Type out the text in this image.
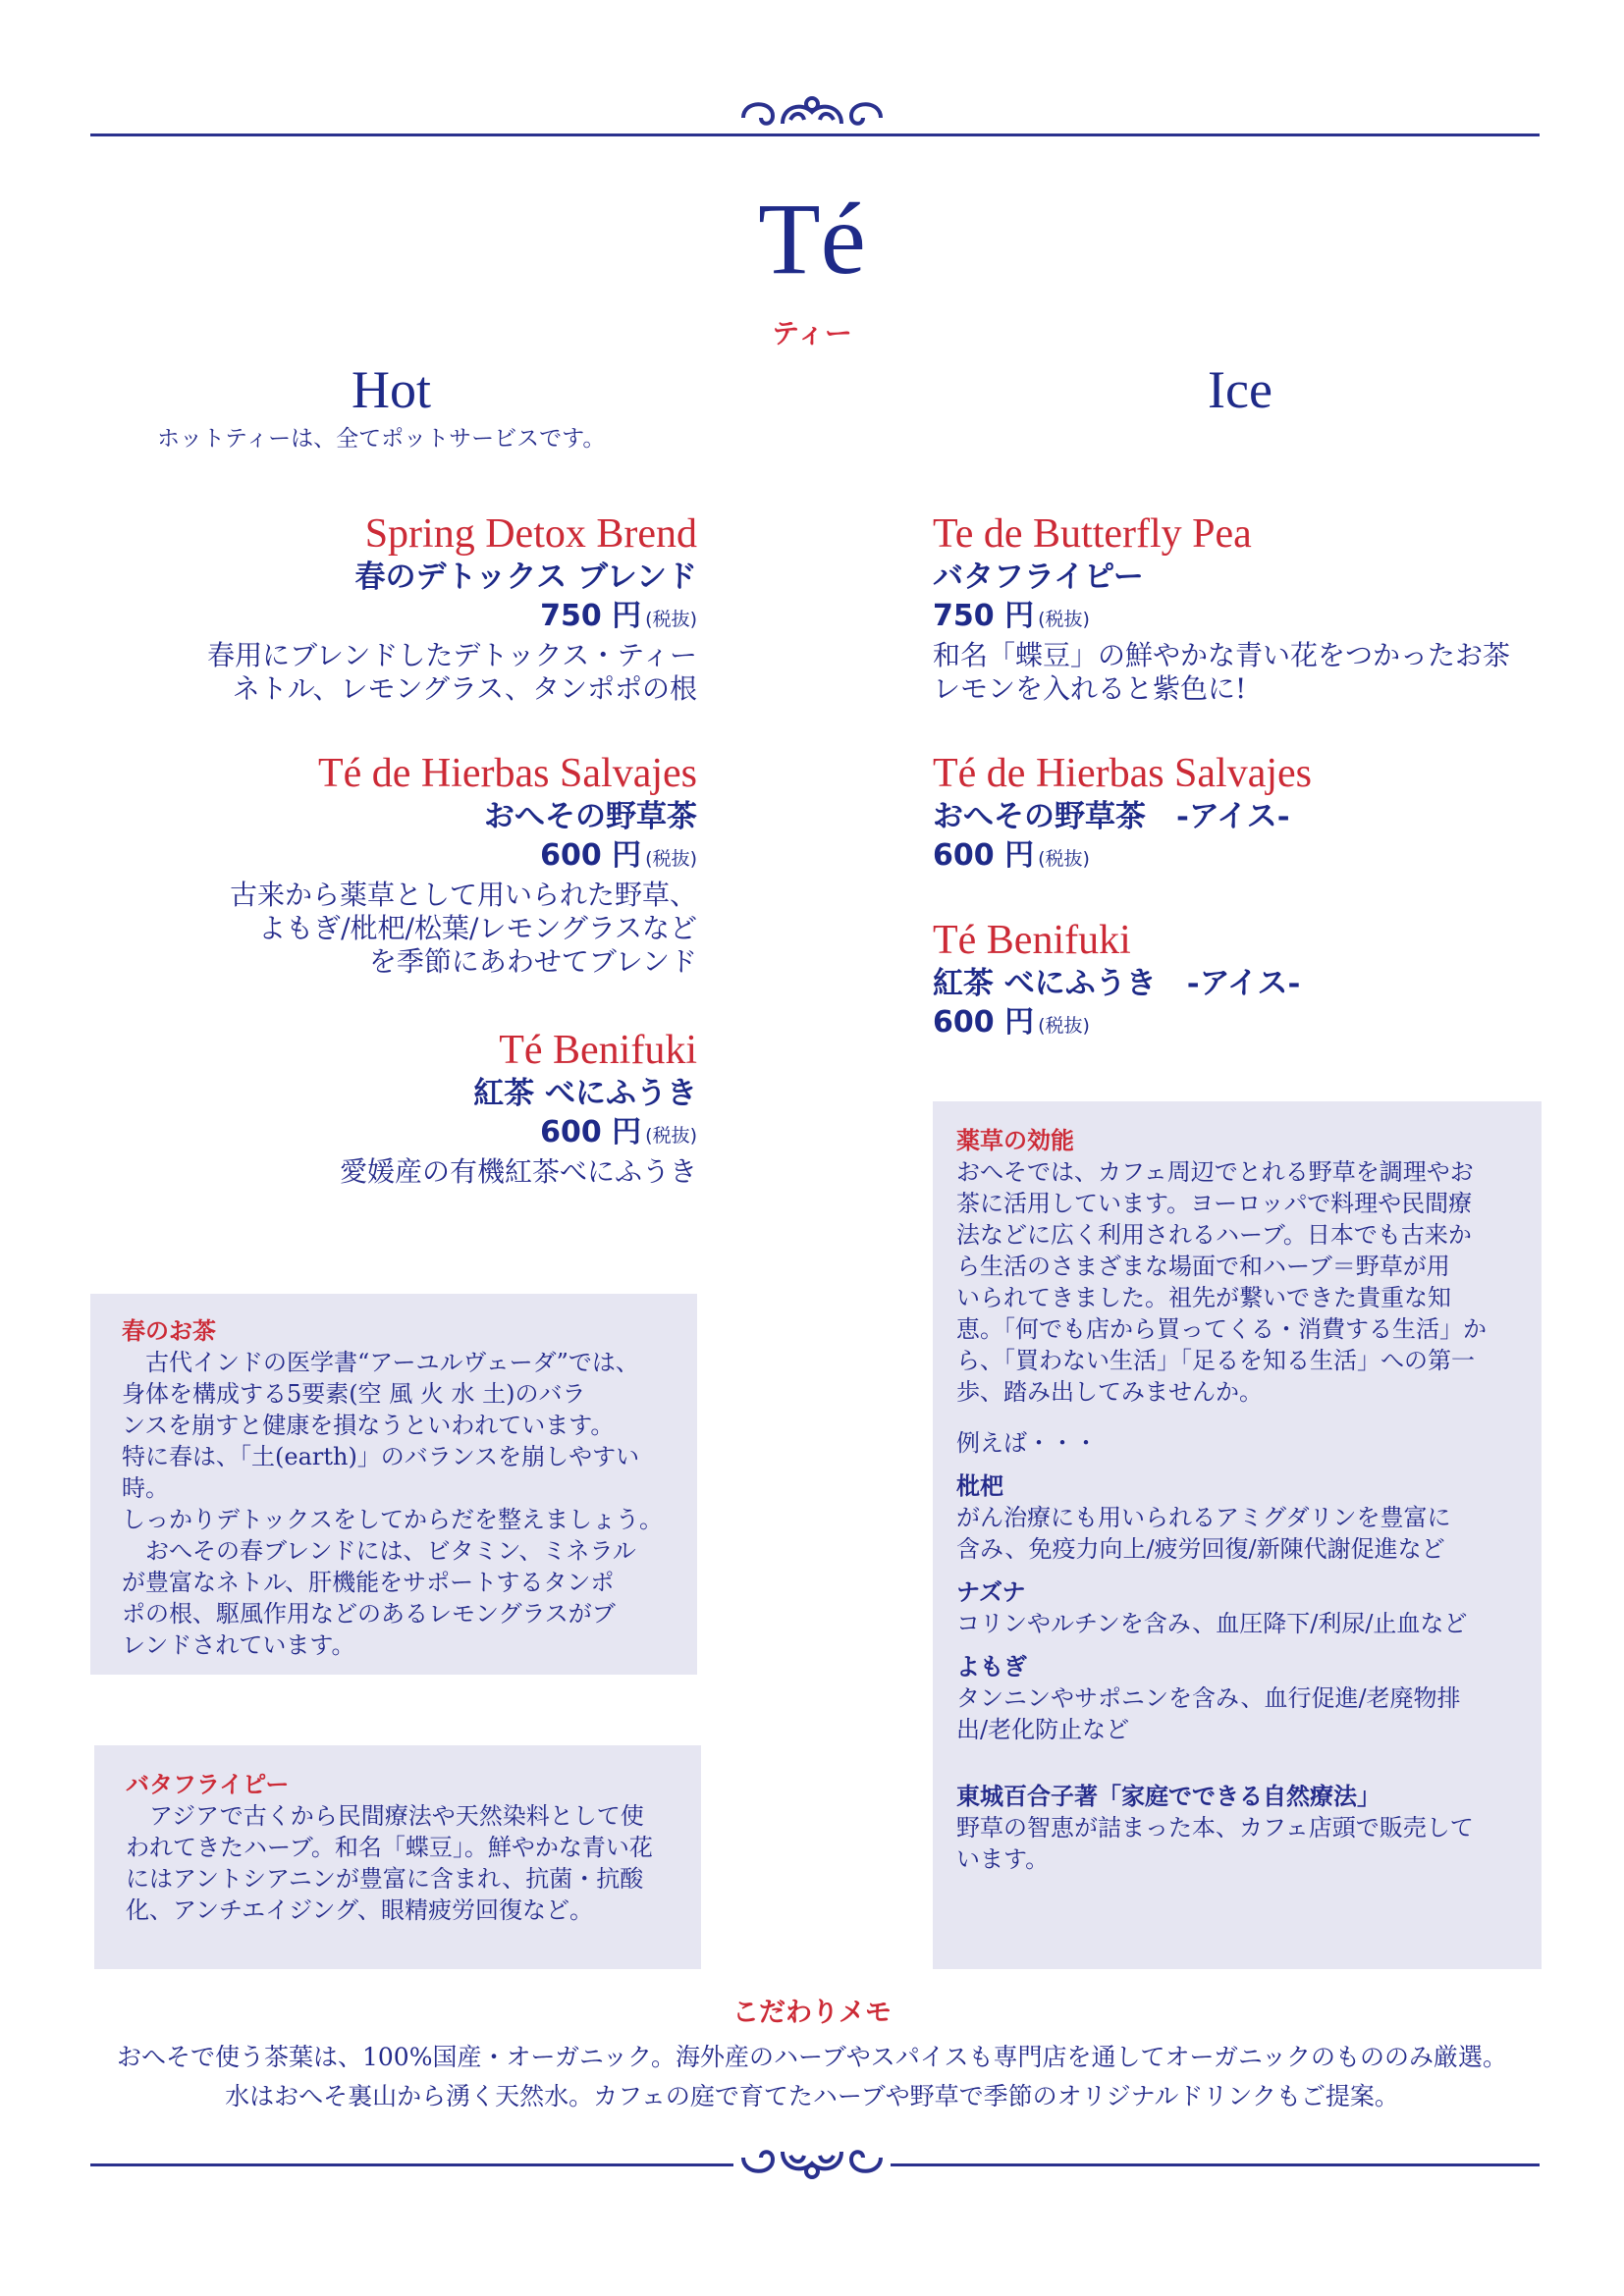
Té
ティー
Hot	Ice
ホットティーは、全てポットサービスです。
Spring Detox Brend
春のデトックス ブレンド
750 円 (税抜)
春用にブレンドしたデトックス・ティー
ネトル、レモングラス、タンポポの根
Té de Hierbas Salvajes
おへその野草茶
600 円 (税抜)
古来から薬草として用いられた野草、
よもぎ/枇杷/松葉/レモングラスなど
を季節にあわせてブレンド
Té Benifuki
紅茶 べにふうき
600 円 (税抜)
愛媛産の有機紅茶べにふうき
Te de Butterfly Pea
バタフライピー
750 円 (税抜)
和名「蝶豆」の鮮やかな青い花をつかったお茶
レモンを入れると紫色に!
Té de Hierbas Salvajes
おへその野草茶　-アイス-
600 円 (税抜)
Té Benifuki
紅茶 べにふうき　-アイス-
600 円 (税抜)
春のお茶
　古代インドの医学書“アーユルヴェーダ”では、
身体を構成する5要素(空 風 火 水 土)のバラ
ンスを崩すと健康を損なうといわれています。
特に春は、「土(earth)」のバランスを崩しやすい時。
しっかりデトックスをしてからだを整えましょう。
　おへその春ブレンドには、ビタミン、ミネラル
が豊富なネトル、肝機能をサポートするタンポ
ポの根、駆風作用などのあるレモングラスがブ
レンドされています。
バタフライピー
　アジアで古くから民間療法や天然染料として使
われてきたハーブ。和名「蝶豆」。鮮やかな青い花
にはアントシアニンが豊富に含まれ、抗菌・抗酸
化、アンチエイジング、眼精疲労回復など。
薬草の効能
おへそでは、カフェ周辺でとれる野草を調理やお
茶に活用しています。ヨーロッパで料理や民間療
法などに広く利用されるハーブ。日本でも古来か
ら生活のさまざまな場面で和ハーブ＝野草が用
いられてきました。祖先が繋いできた貴重な知
恵。「何でも店から買ってくる・消費する生活」か
ら、「買わない生活」「足るを知る生活」への第一
歩、踏み出してみませんか。
例えば・・・
枇杷
がん治療にも用いられるアミグダリンを豊富に
含み、免疫力向上/疲労回復/新陳代謝促進など
ナズナ
コリンやルチンを含み、血圧降下/利尿/止血など
よもぎ
タンニンやサポニンを含み、血行促進/老廃物排
出/老化防止など
東城百合子著「家庭でできる自然療法」
野草の智恵が詰まった本、カフェ店頭で販売して
います。
こだわりメモ
おへそで使う茶葉は、100%国産・オーガニック。海外産のハーブやスパイスも専門店を通してオーガニックのもののみ厳選。
水はおへそ裏山から湧く天然水。カフェの庭で育てたハーブや野草で季節のオリジナルドリンクもご提案。
